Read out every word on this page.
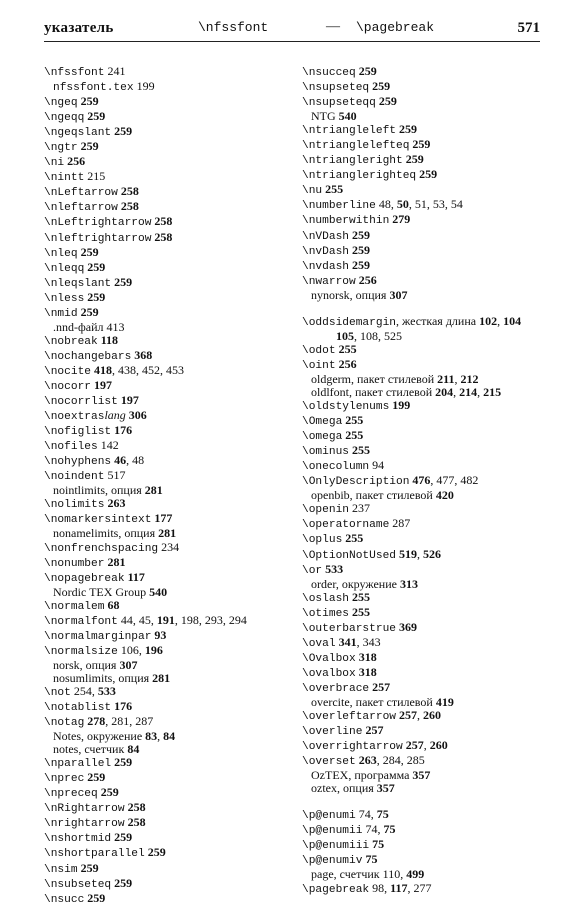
указатель	\nfssfont	— \pagebreak	571
\nfssfont 241
nfssfont.tex 199
\ngeq 259
\ngeqq 259
\ngeqslant 259
\ngtr 259
\ni 256
\nintt 215
\nLeftarrow 258
\nleftarrow 258
\nLeftrightarrow 258
\nleftrightarrow 258
\nleq 259
\nleqq 259
\nleqslant 259
\nless 259
\nmid 259
.nnd-файл 413
\nobreak 118
\nochangebars 368
\nocite 418, 438, 452, 453
\nocorr 197
\nocorrlist 197
\noextraslang 306
\nofiglist 176
\nofiles 142
\nohyphens 46, 48
\noindent 517
nointlimits, опция 281
\nolimits 263
\nomarkersintext 177
nonamelimits, опция 281
\nonfrenchspacing 234
\nonumber 281
\nopagebreak 117
Nordic TEX Group 540
\normalem 68
\normalfont 44, 45, 191, 198, 293, 294
\normalmarginpar 93
\normalsize 106, 196
norsk, опция 307
nosumlimits, опция 281
\not 254, 533
\notablist 176
\notag 278, 281, 287
Notes, окружение 83, 84
notes, счетчик 84
\nparallel 259
\nprec 259
\npreceq 259
\nRightarrow 258
\nrightarrow 258
\nshortmid 259
\nshortparallel 259
\nsim 259
\nsubseteq 259
\nsucc 259
\nsucceq 259
\nsupseteq 259
\nsupseteqq 259
NTG 540
\ntriangleleft 259
\ntrianglelefteq 259
\ntriangleright 259
\ntrianglerighteq 259
\nu 255
\numberline 48, 50, 51, 53, 54
\numberwithin 279
\nVDash 259
\nvDash 259
\nvdash 259
\nwarrow 256
nynorsk, опция 307
\oddsidemargin, жесткая длина 102, 104
105, 108, 525
\odot 255
\oint 256
oldgerm, пакет стилевой 211, 212
oldlfont, пакет стилевой 204, 214, 215
\oldstylenums 199
\Omega 255
\omega 255
\ominus 255
\onecolumn 94
\OnlyDescription 476, 477, 482
openbib, пакет стилевой 420
\openin 237
\operatorname 287
\oplus 255
\OptionNotUsed 519, 526
\or 533
order, окружение 313
\oslash 255
\otimes 255
\outerbarstrue 369
\oval 341, 343
\Ovalbox 318
\ovalbox 318
\overbrace 257
overcite, пакет стилевой 419
\overleftarrow 257, 260
\overline 257
\overrightarrow 257, 260
\overset 263, 284, 285
OzTEX, программа 357
oztex, опция 357
\p@enumi 74, 75
\p@enumii 74, 75
\p@enumiii 75
\p@enumiv 75
page, счетчик 110, 499
\pagebreak 98, 117, 277
